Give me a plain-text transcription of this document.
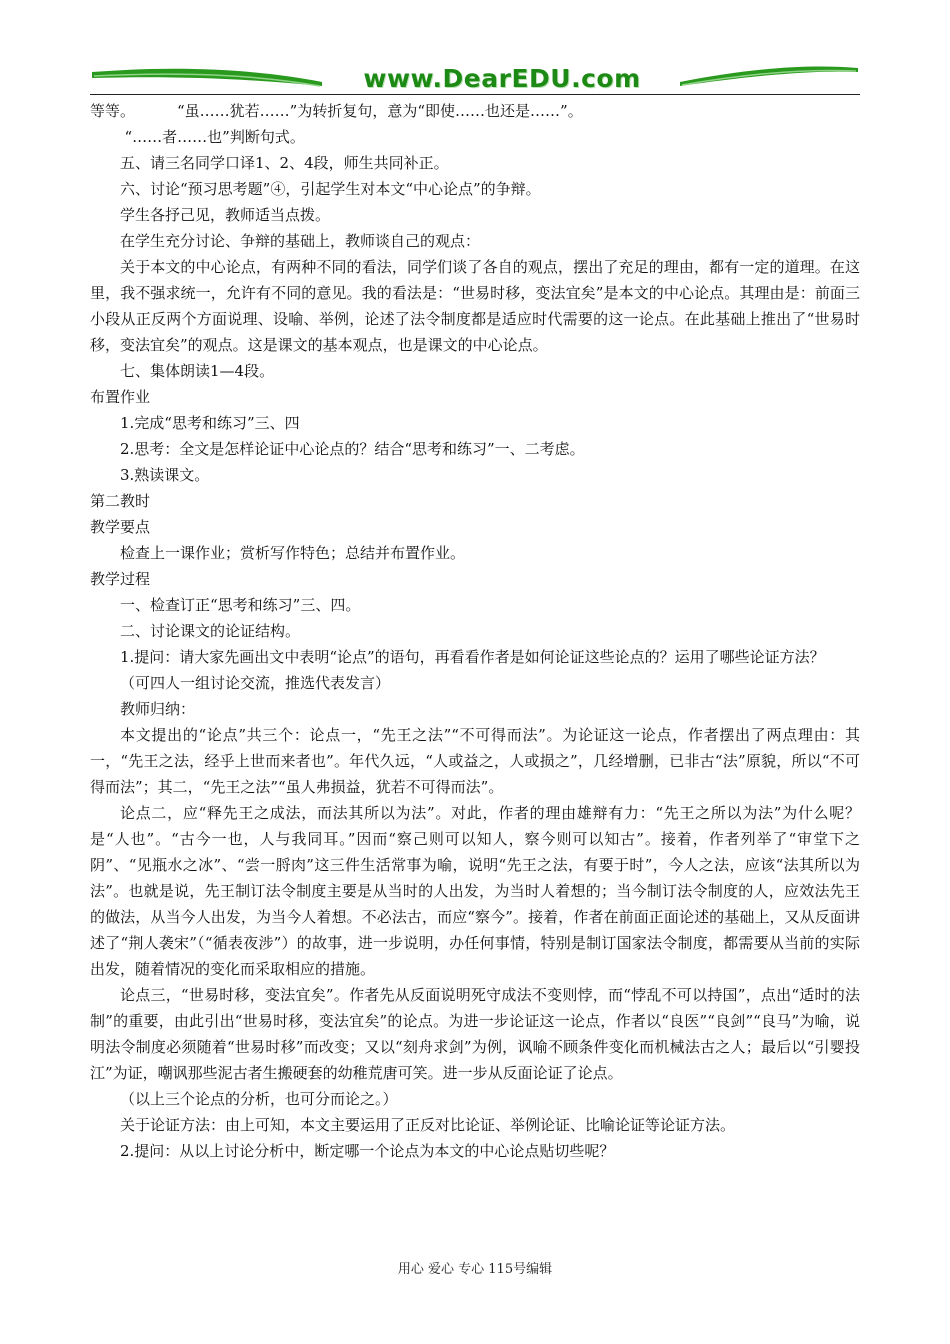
www.DearEDU.com

等等。	“虽……犹若……”为转折复句，意为“即使……也还是……”。

“……者……也”判断句式。

五、请三名同学口译1、2、4段，师生共同补正。

六、讨论“预习思考题”④，引起学生对本文“中心论点”的争辩。

学生各抒己见，教师适当点拨。

在学生充分讨论、争辩的基础上，教师谈自己的观点：

关于本文的中心论点，有两种不同的看法，同学们谈了各自的观点，摆出了充足的理由，都有一定的道理。在这里，我不强求统一，允许有不同的意见。我的看法是：“世易时移，变法宜矣”是本文的中心论点。其理由是：前面三小段从正反两个方面说理、设喻、举例，论述了法令制度都是适应时代需要的这一论点。在此基础上推出了“世易时移，变法宜矣”的观点。这是课文的基本观点，也是课文的中心论点。

七、集体朗读1—4段。

布置作业

1.完成“思考和练习”三、四

2.思考：全文是怎样论证中心论点的？结合“思考和练习”一、二考虑。

3.熟读课文。

第二教时

教学要点

检查上一课作业；赏析写作特色；总结并布置作业。

教学过程

一、检查订正“思考和练习”三、四。

二、讨论课文的论证结构。

1.提问：请大家先画出文中表明“论点”的语句，再看看作者是如何论证这些论点的？运用了哪些论证方法？

（可四人一组讨论交流，推选代表发言）

教师归纳：

本文提出的“论点”共三个：论点一，“先王之法”“不可得而法”。为论证这一论点，作者摆出了两点理由：其一，“先王之法，经乎上世而来者也”。年代久远，“人或益之，人或损之”，几经增删，已非古“法”原貌，所以“不可得而法”；其二，“先王之法”“虽人弗损益，犹若不可得而法”。

论点二，应“释先王之成法，而法其所以为法”。对此，作者的理由雄辩有力：“先王之所以为法”为什么呢？是“人也”。“古今一也，人与我同耳。”因而“察己则可以知人，察今则可以知古”。接着，作者列举了“审堂下之阴”、“见瓶水之冰”、“尝一脟肉”这三件生活常事为喻，说明“先王之法，有要于时”，今人之法，应该“法其所以为法”。也就是说，先王制订法令制度主要是从当时的人出发，为当时人着想的；当今制订法令制度的人，应效法先王的做法，从当今人出发，为当今人着想。不必法古，而应“察今”。接着，作者在前面正面论述的基础上，又从反面讲述了“荆人袭宋”（“循表夜涉”）的故事，进一步说明，办任何事情，特别是制订国家法令制度，都需要从当前的实际出发，随着情况的变化而采取相应的措施。

论点三，“世易时移，变法宜矣”。作者先从反面说明死守成法不变则悖，而“悖乱不可以持国”，点出“适时的法制”的重要，由此引出“世易时移，变法宜矣”的论点。为进一步论证这一论点，作者以“良医”“良剑”“良马”为喻，说明法令制度必须随着“世易时移”而改变；又以“刻舟求剑”为例，讽喻不顾条件变化而机械法古之人；最后以“引婴投江”为证，嘲讽那些泥古者生搬硬套的幼稚荒唐可笑。进一步从反面论证了论点。

（以上三个论点的分析，也可分而论之。）

关于论证方法：由上可知，本文主要运用了正反对比论证、举例论证、比喻论证等论证方法。

2.提问：从以上讨论分析中，断定哪一个论点为本文的中心论点贴切些呢？

用心 爱心 专心 115号编辑
